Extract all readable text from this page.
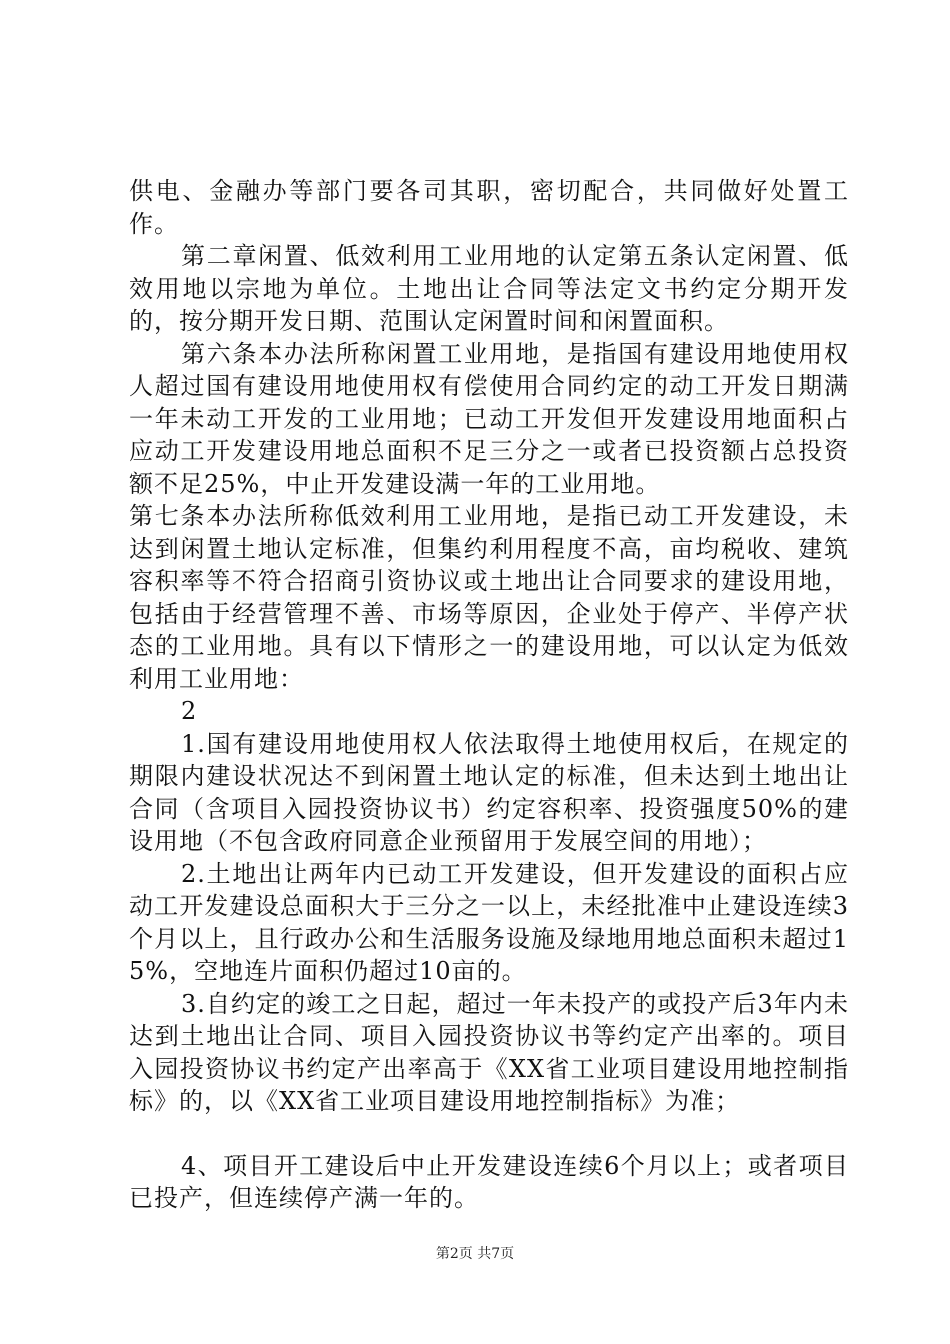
供电、金融办等部门要各司其职，密切配合，共同做好处置工作。

第二章闲置、低效利用工业用地的认定第五条认定闲置、低效用地以宗地为单位。土地出让合同等法定文书约定分期开发的，按分期开发日期、范围认定闲置时间和闲置面积。

第六条本办法所称闲置工业用地，是指国有建设用地使用权人超过国有建设用地使用权有偿使用合同约定的动工开发日期满一年未动工开发的工业用地；已动工开发但开发建设用地面积占应动工开发建设用地总面积不足三分之一或者已投资额占总投资额不足25%，中止开发建设满一年的工业用地。

第七条本办法所称低效利用工业用地，是指已动工开发建设，未达到闲置土地认定标准，但集约利用程度不高，亩均税收、建筑容积率等不符合招商引资协议或土地出让合同要求的建设用地，包括由于经营管理不善、市场等原因，企业处于停产、半停产状态的工业用地。具有以下情形之一的建设用地，可以认定为低效利用工业用地：

2

1.国有建设用地使用权人依法取得土地使用权后，在规定的期限内建设状况达不到闲置土地认定的标准，但未达到土地出让合同（含项目入园投资协议书）约定容积率、投资强度50%的建设用地（不包含政府同意企业预留用于发展空间的用地）；

2.土地出让两年内已动工开发建设，但开发建设的面积占应动工开发建设总面积大于三分之一以上，未经批准中止建设连续3个月以上，且行政办公和生活服务设施及绿地用地总面积未超过15%，空地连片面积仍超过10亩的。

3.自约定的竣工之日起，超过一年未投产的或投产后3年内未达到土地出让合同、项目入园投资协议书等约定产出率的。项目入园投资协议书约定产出率高于《XX省工业项目建设用地控制指标》的，以《XX省工业项目建设用地控制指标》为准；

4、项目开工建设后中止开发建设连续6个月以上；或者项目已投产，但连续停产满一年的。

第2页 共7页
